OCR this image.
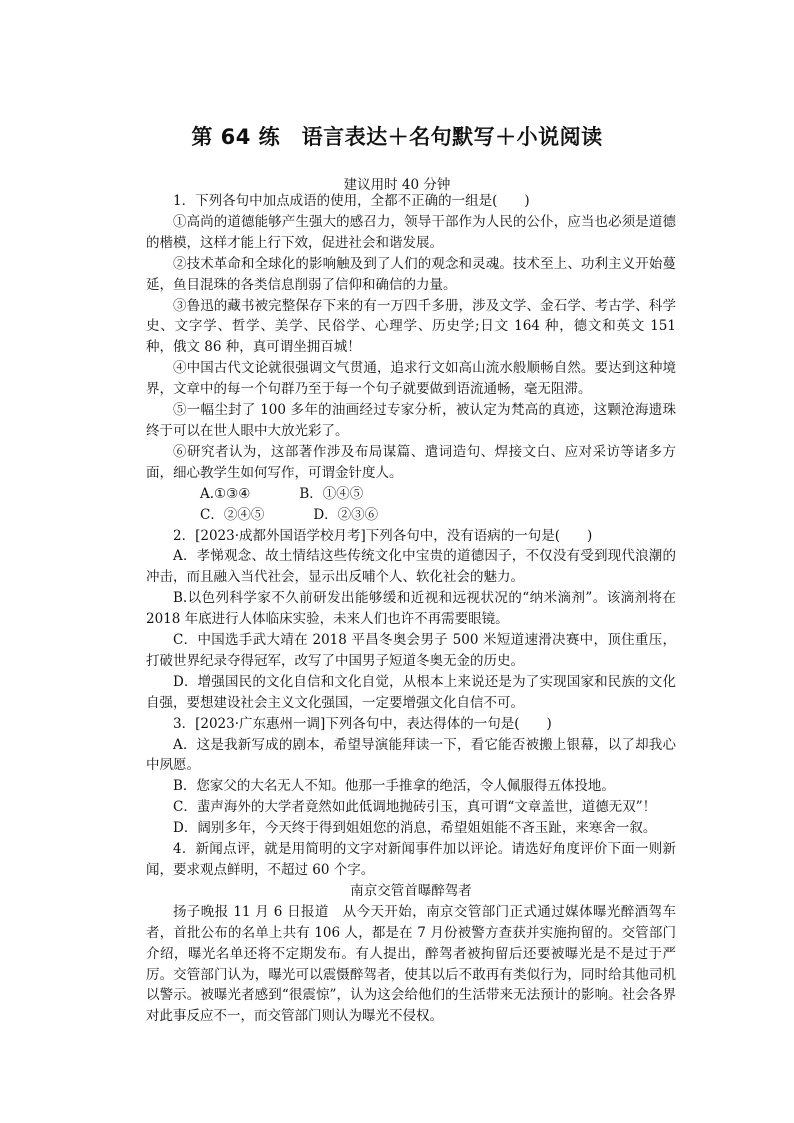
第 64 练　语言表达＋名句默写＋小说阅读
建议用时 40 分钟

1．下列各句中加点成语的使用，全都不正确的一组是(　　)

①高尚的道德能够产生强大的感召力，领导干部作为人民的公仆，应当也必须是道德的楷模，这样才能上行下效，促进社会和谐发展。

②技术革命和全球化的影响触及到了人们的观念和灵魂。技术至上、功利主义开始蔓延，鱼目混珠的各类信息削弱了信仰和确信的力量。

③鲁迅的藏书被完整保存下来的有一万四千多册，涉及文学、金石学、考古学、科学史、文字学、哲学、美学、民俗学、心理学、历史学;日文 164 种，德文和英文 151 种，俄文 86 种，真可谓坐拥百城！

④中国古代文论就很强调文气贯通，追求行文如高山流水般顺畅自然。要达到这种境界，文章中的每一个句群乃至于每一个句子就要做到语流通畅，毫无阻滞。

⑤一幅尘封了 100 多年的油画经过专家分析，被认定为梵高的真迹，这颗沧海遗珠终于可以在世人眼中大放光彩了。

⑥研究者认为，这部著作涉及布局谋篇、遣词造句、焊接文白、应对采访等诸多方面，细心教学生如何写作，可谓金针度人。

A.①③④	B．①④⑤
C．②④⑤	D．②③⑥

2．[2023·成都外国语学校月考]下列各句中，没有语病的一句是(　　)

A．孝悌观念、故土情结这些传统文化中宝贵的道德因子，不仅没有受到现代浪潮的冲击，而且融入当代社会，显示出反哺个人、软化社会的魅力。

B.以色列科学家不久前研发出能够缓和近视和远视状况的“纳米滴剂”。该滴剂将在 2018 年底进行人体临床实验，未来人们也许不再需要眼镜。

C．中国选手武大靖在 2018 平昌冬奥会男子 500 米短道速滑决赛中，顶住重压，打破世界纪录夺得冠军，改写了中国男子短道冬奥无金的历史。

D．增强国民的文化自信和文化自觉，从根本上来说还是为了实现国家和民族的文化自强，要想建设社会主义文化强国，一定要增强文化自信不可。

3．[2023·广东惠州一调]下列各句中，表达得体的一句是(　　)

A．这是我新写成的剧本，希望导演能拜读一下，看它能否被搬上银幕，以了却我心中夙愿。

B．您家父的大名无人不知。他那一手推拿的绝活，令人佩服得五体投地。

C．蜚声海外的大学者竟然如此低调地抛砖引玉，真可谓“文章盖世，道德无双”！

D．阔别多年，今天终于得到姐姐您的消息，希望姐姐能不吝玉趾，来寒舍一叙。

4．新闻点评，就是用简明的文字对新闻事件加以评论。请选好角度评价下面一则新闻，要求观点鲜明，不超过 60 个字。

南京交管首曝醉驾者

扬子晚报 11 月 6 日报道　从今天开始，南京交管部门正式通过媒体曝光醉酒驾车者，首批公布的名单上共有 106 人，都是在 7 月份被警方查获并实施拘留的。交管部门介绍，曝光名单还将不定期发布。有人提出，醉驾者被拘留后还要被曝光是不是过于严厉。交管部门认为，曝光可以震慑醉驾者，使其以后不敢再有类似行为，同时给其他司机以警示。被曝光者感到“很震惊”，认为这会给他们的生活带来无法预计的影响。社会各界对此事反应不一，而交管部门则认为曝光不侵权。
